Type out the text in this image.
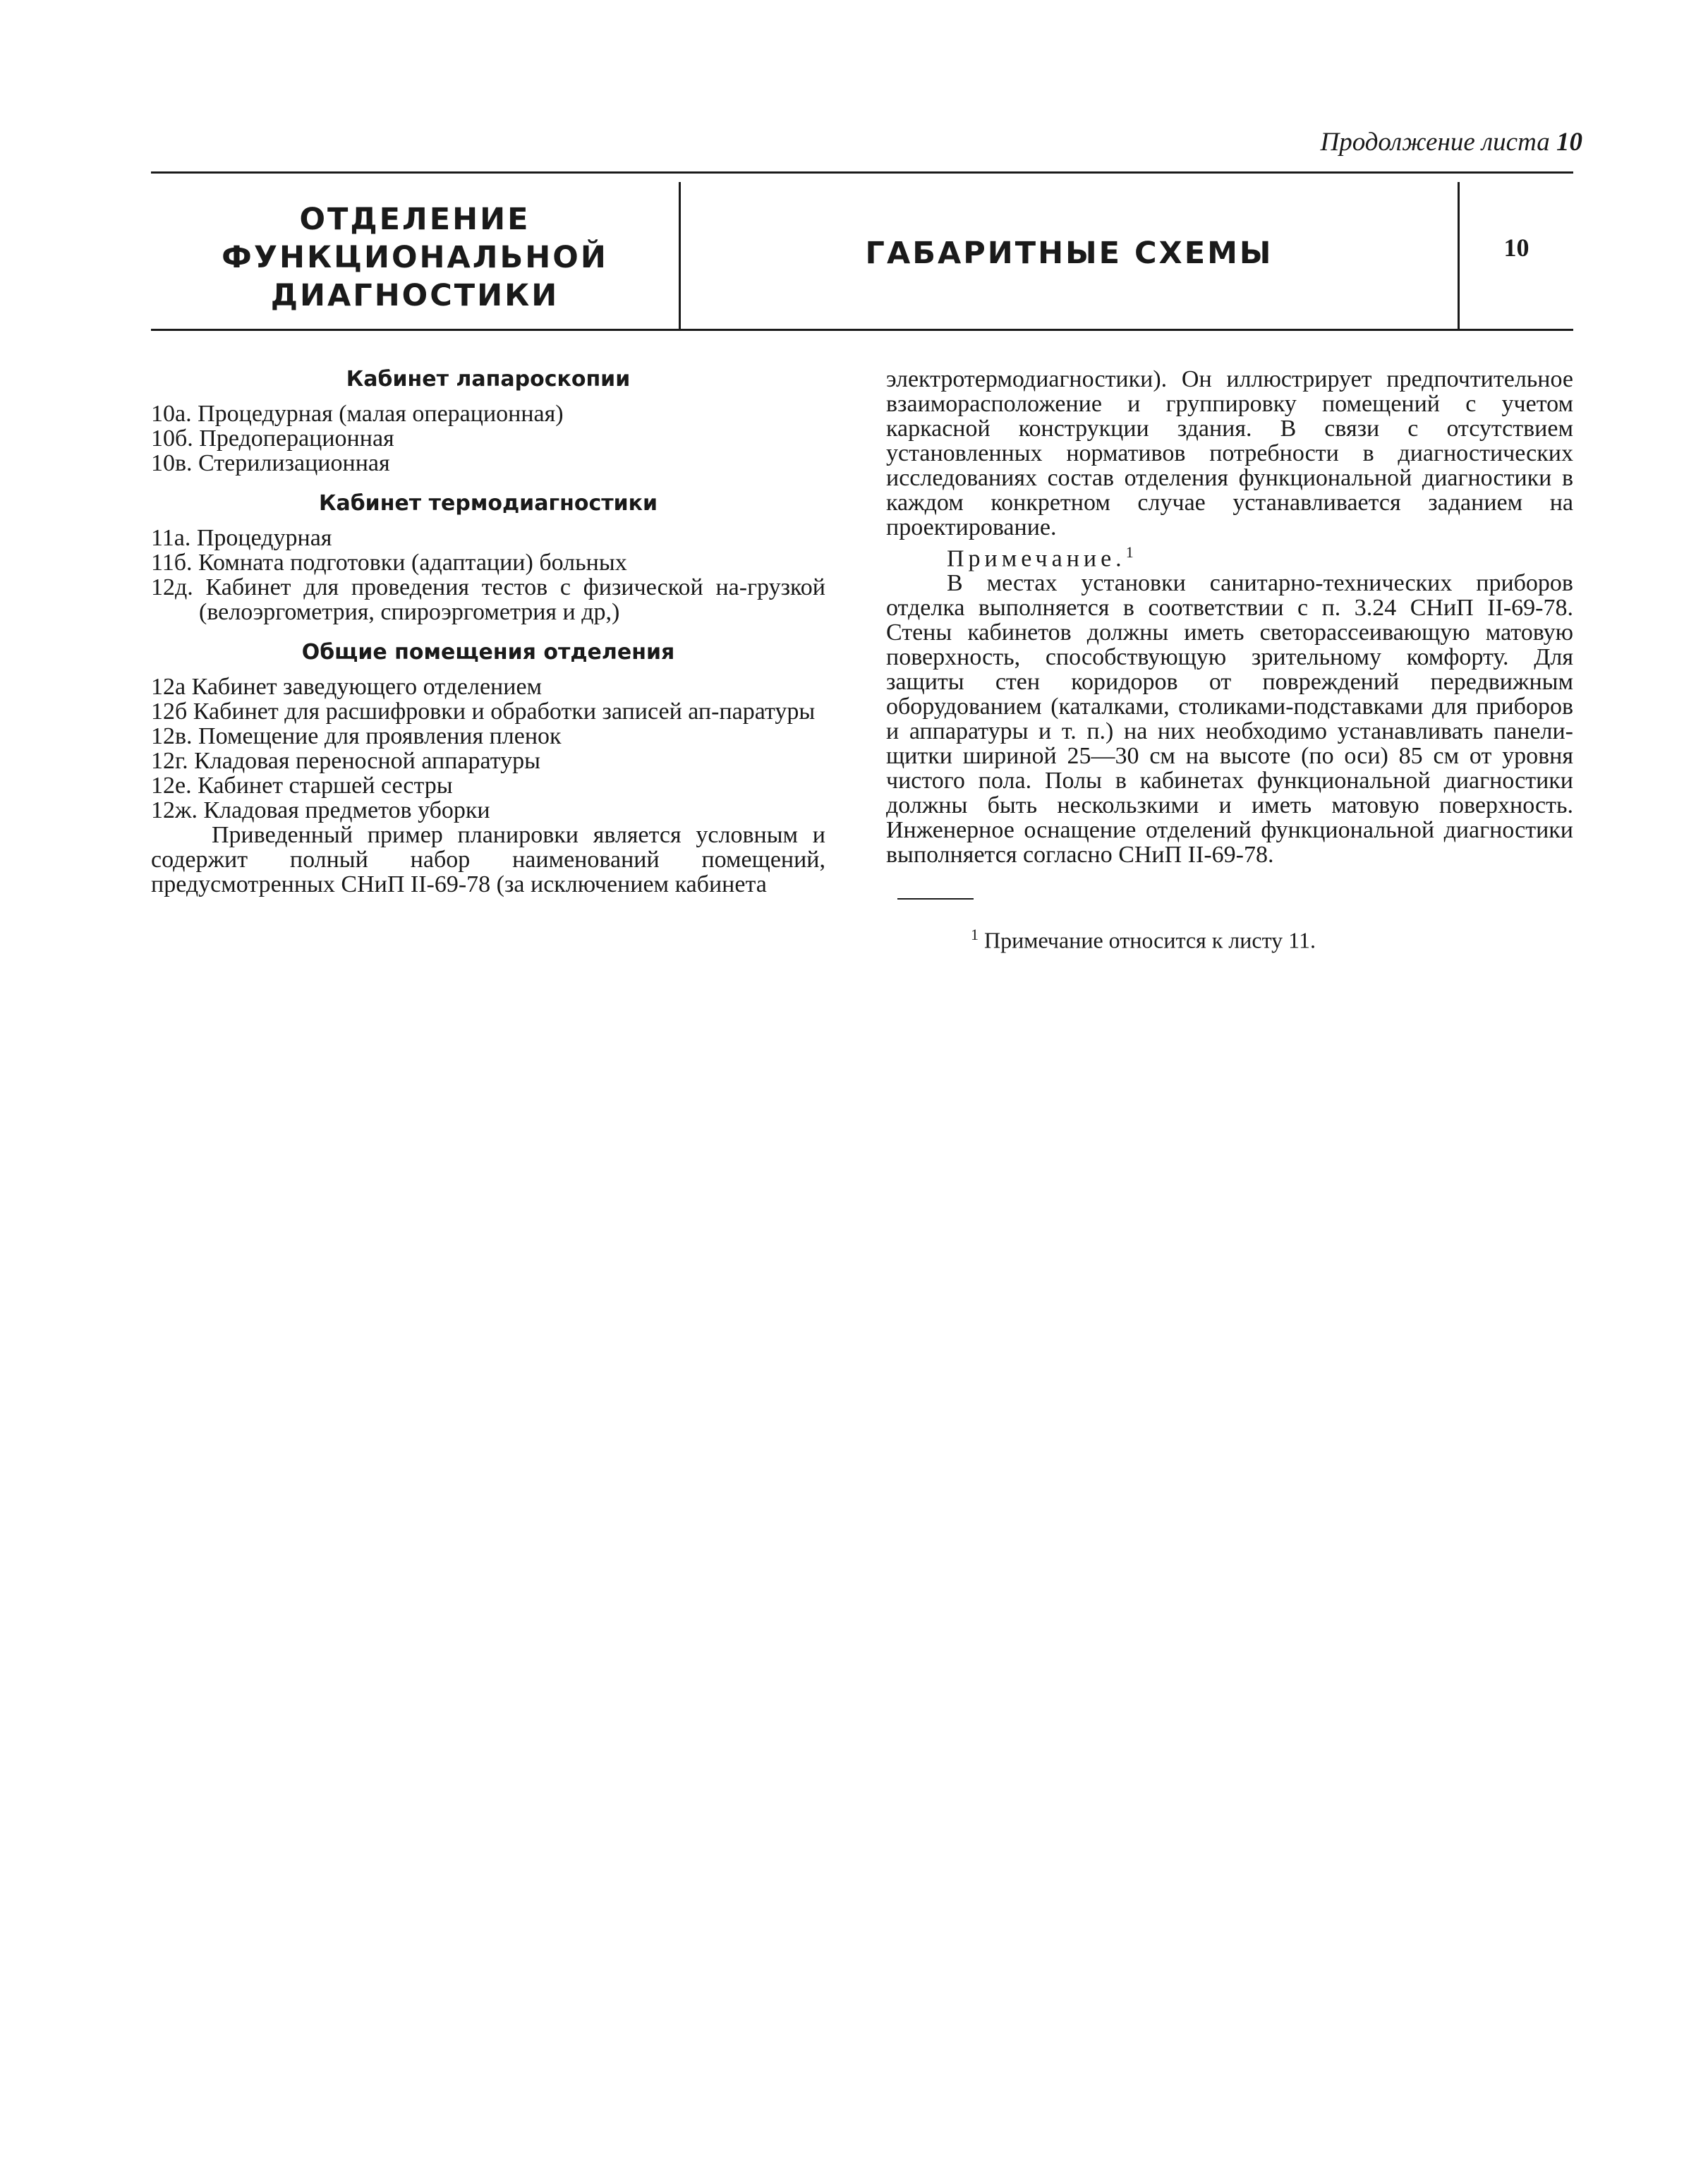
Продолжение листа 10
ОТДЕЛЕНИЕ
ФУНКЦИОНАЛЬНОЙ
ДИАГНОСТИКИ
ГАБАРИТНЫЕ СХЕМЫ	10
Кабинет лапароскопии

10а. Процедурная (малая операционная)

10б. Предоперационная

10в. Стерилизационная

Кабинет термодиагностики

11а. Процедурная

11б. Комната подготовки (адаптации) больных

12д. Кабинет для проведения тестов с физической на-грузкой (велоэргометрия, спироэргометрия и др,)

Общие помещения отделения

12а Кабинет заведующего отделением

12б Кабинет для расшифровки и обработки записей ап-паратуры

12в. Помещение для проявления пленок

12г. Кладовая переносной аппаратуры

12е. Кабинет старшей сестры

12ж. Кладовая предметов уборки

Приведенный пример планировки является условным и содержит полный набор наименований помещений, предусмотренных СНиП II-69-78 (за исключением кабинета

электротермодиагностики). Он иллюстрирует предпочтительное взаиморасположение и группировку помещений с учетом каркасной конструкции здания. В связи с отсутствием установленных нормативов потребности в диагностических исследованиях состав отделения функциональной диагностики в каждом конкретном случае устанавливается заданием на проектирование.

Примечание.$^1$

В местах установки санитарно-технических приборов отделка выполняется в соответствии с п. 3.24 СНиП II-69-78. Стены кабинетов должны иметь светорассеивающую матовую поверхность, способствующую зрительному комфорту. Для защиты стен коридоров от повреждений передвижным оборудованием (каталками, столиками-подставками для приборов и аппаратуры и т. п.) на них необходимо устанавливать панели-щитки шириной 25—30 см на высоте (по оси) 85 см от уровня чистого пола. Полы в кабинетах функциональной диагностики должны быть нескользкими и иметь матовую поверхность. Инженерное оснащение отделений функциональной диагностики выполняется согласно СНиП II-69-78.

$^1$ Примечание относится к листу 11.
